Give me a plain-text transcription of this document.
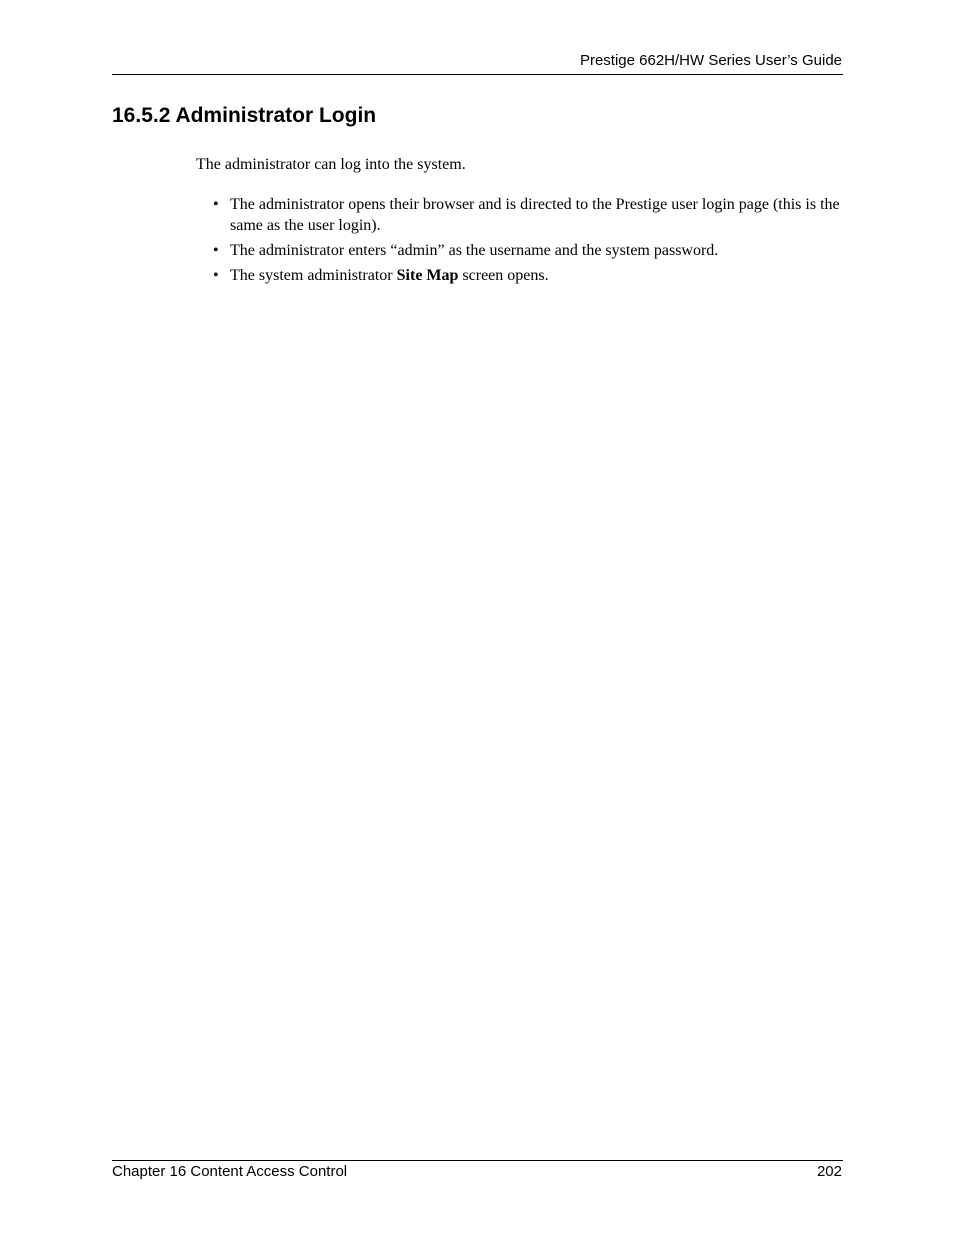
Prestige 662H/HW Series User’s Guide
16.5.2 Administrator Login

The administrator can log into the system.

• The administrator opens their browser and is directed to the Prestige user login page (this is the same as the user login).
• The administrator enters “admin” as the username and the system password.
• The system administrator Site Map screen opens.
Chapter 16 Content Access Control	202
